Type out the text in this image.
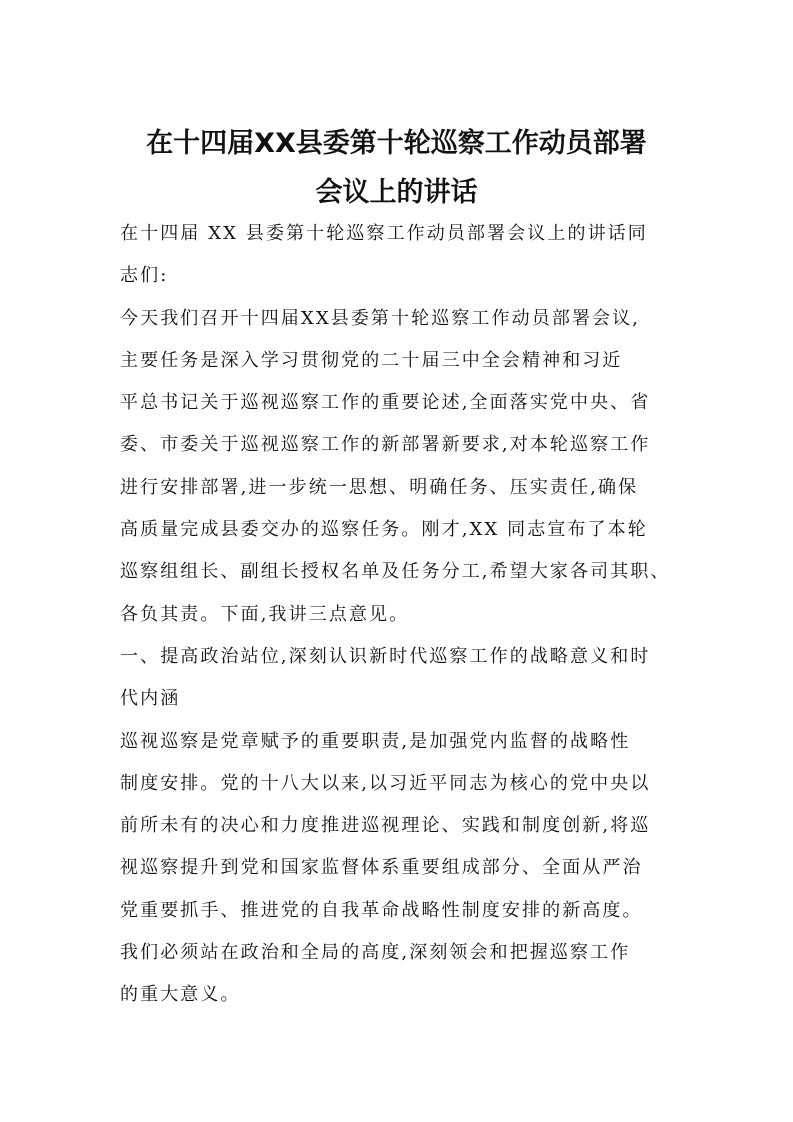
在十四届XX县委第十轮巡察工作动员部署
会议上的讲话
在十四届 XX 县委第十轮巡察工作动员部署会议上的讲话同
志们:
今天我们召开十四届XX县委第十轮巡察工作动员部署会议,
主要任务是深入学习贯彻党的二十届三中全会精神和习近
平总书记关于巡视巡察工作的重要论述,全面落实党中央、省
委、市委关于巡视巡察工作的新部署新要求,对本轮巡察工作
进行安排部署,进一步统一思想、明确任务、压实责任,确保
高质量完成县委交办的巡察任务。刚才,XX 同志宣布了本轮
巡察组组长、副组长授权名单及任务分工,希望大家各司其职、
各负其责。下面,我讲三点意见。
一、提高政治站位,深刻认识新时代巡察工作的战略意义和时
代内涵
巡视巡察是党章赋予的重要职责,是加强党内监督的战略性
制度安排。党的十八大以来,以习近平同志为核心的党中央以
前所未有的决心和力度推进巡视理论、实践和制度创新,将巡
视巡察提升到党和国家监督体系重要组成部分、全面从严治
党重要抓手、推进党的自我革命战略性制度安排的新高度。
我们必须站在政治和全局的高度,深刻领会和把握巡察工作
的重大意义。
